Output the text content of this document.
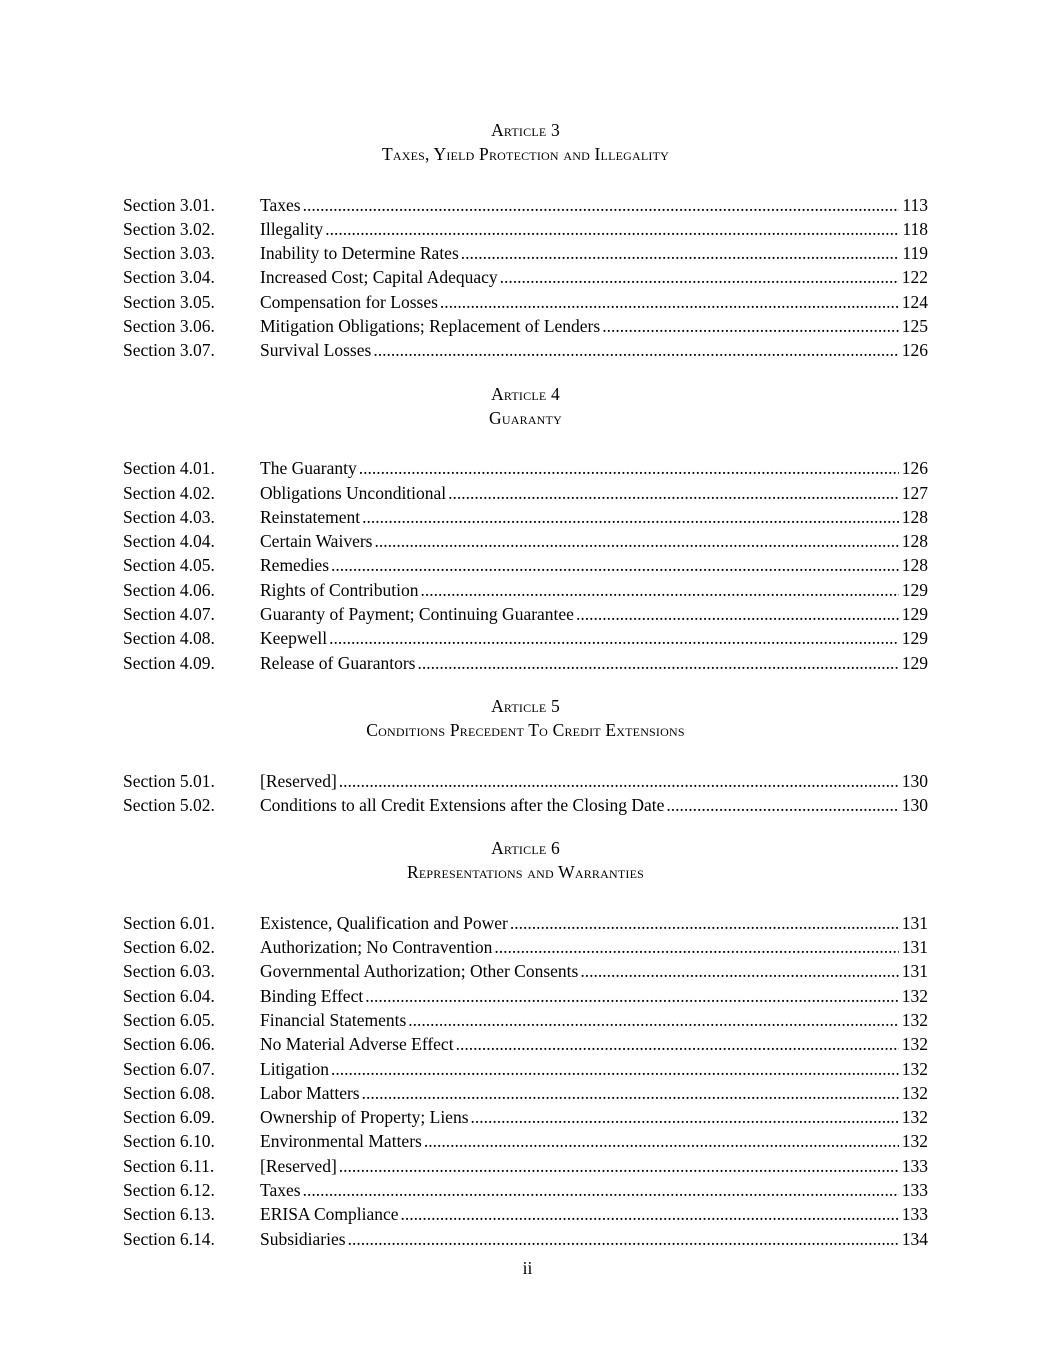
Article 3
Taxes, Yield Protection and Illegality
Section 3.01.	Taxes .....	113
Section 3.02.	Illegality .....	118
Section 3.03.	Inability to Determine Rates .....	119
Section 3.04.	Increased Cost; Capital Adequacy .....	122
Section 3.05.	Compensation for Losses .....	124
Section 3.06.	Mitigation Obligations; Replacement of Lenders .....	125
Section 3.07.	Survival Losses .....	126
Article 4
Guaranty
Section 4.01.	The Guaranty .....	126
Section 4.02.	Obligations Unconditional .....	127
Section 4.03.	Reinstatement .....	128
Section 4.04.	Certain Waivers .....	128
Section 4.05.	Remedies .....	128
Section 4.06.	Rights of Contribution .....	129
Section 4.07.	Guaranty of Payment; Continuing Guarantee .....	129
Section 4.08.	Keepwell .....	129
Section 4.09.	Release of Guarantors .....	129
Article 5
Conditions Precedent To Credit Extensions
Section 5.01.	[Reserved] .....	130
Section 5.02.	Conditions to all Credit Extensions after the Closing Date .....	130
Article 6
Representations and Warranties
Section 6.01.	Existence, Qualification and Power .....	131
Section 6.02.	Authorization; No Contravention .....	131
Section 6.03.	Governmental Authorization; Other Consents .....	131
Section 6.04.	Binding Effect .....	132
Section 6.05.	Financial Statements .....	132
Section 6.06.	No Material Adverse Effect .....	132
Section 6.07.	Litigation .....	132
Section 6.08.	Labor Matters .....	132
Section 6.09.	Ownership of Property; Liens .....	132
Section 6.10.	Environmental Matters .....	132
Section 6.11.	[Reserved] .....	133
Section 6.12.	Taxes .....	133
Section 6.13.	ERISA Compliance .....	133
Section 6.14.	Subsidiaries .....	134
ii
